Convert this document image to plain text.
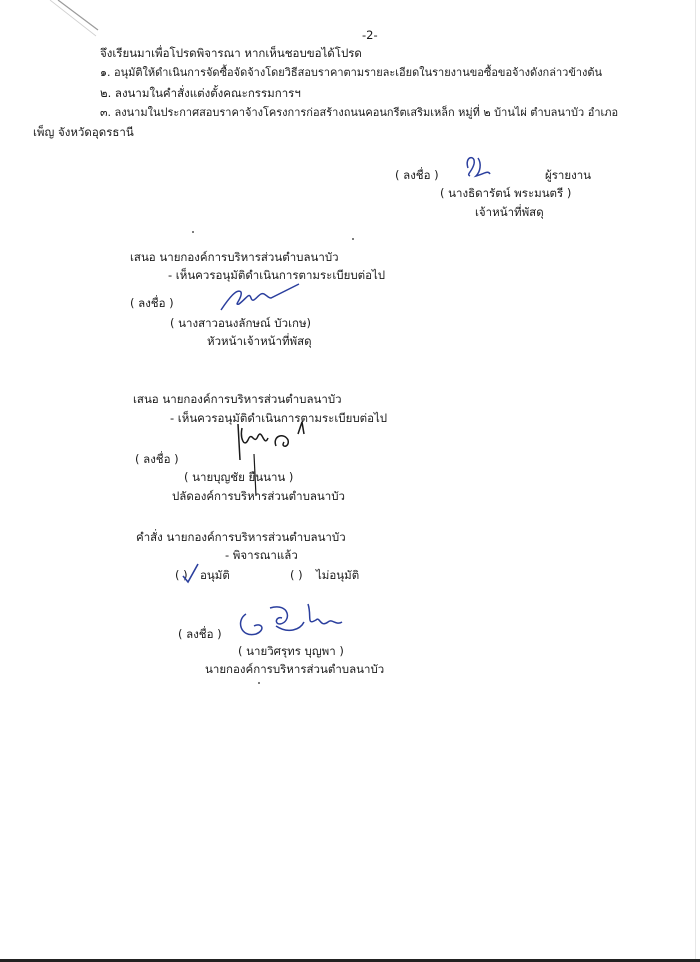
-2-
จึงเรียนมาเพื่อโปรดพิจารณา หากเห็นชอบขอได้โปรด
๑. อนุมัติให้ดำเนินการจัดซื้อจัดจ้างโดยวิธีสอบราคาตามรายละเอียดในรายงานขอซื้อขอจ้างดังกล่าวข้างต้น
๒. ลงนามในคำสั่งแต่งตั้งคณะกรรมการฯ
๓. ลงนามในประกาศสอบราคาจ้างโครงการก่อสร้างถนนคอนกรีตเสริมเหล็ก หมู่ที่ ๒ บ้านไผ่ ตำบลนาบัว อำเภอ
เพ็ญ จังหวัดอุดรธานี
( ลงชื่อ )	ผู้รายงาน
( นางธิดารัตน์ พระมนตรี )
เจ้าหน้าที่พัสดุ
เสนอ นายกองค์การบริหารส่วนตำบลนาบัว
- เห็นควรอนุมัติดำเนินการตามระเบียบต่อไป
( ลงชื่อ )
( นางสาวอนงลักษณ์ บัวเกษ)
หัวหน้าเจ้าหน้าที่พัสดุ
เสนอ นายกองค์การบริหารส่วนตำบลนาบัว
- เห็นควรอนุมัติดำเนินการตามระเบียบต่อไป
( ลงชื่อ )
( นายบุญชัย ยืนนาน )
ปลัดองค์การบริหารส่วนตำบลนาบัว
คำสั่ง นายกองค์การบริหารส่วนตำบลนาบัว
- พิจารณาแล้ว
( ) อนุมัติ	( ) ไม่อนุมัติ
( ลงชื่อ )
( นายวิศรุทร บุญพา )
นายกองค์การบริหารส่วนตำบลนาบัว
